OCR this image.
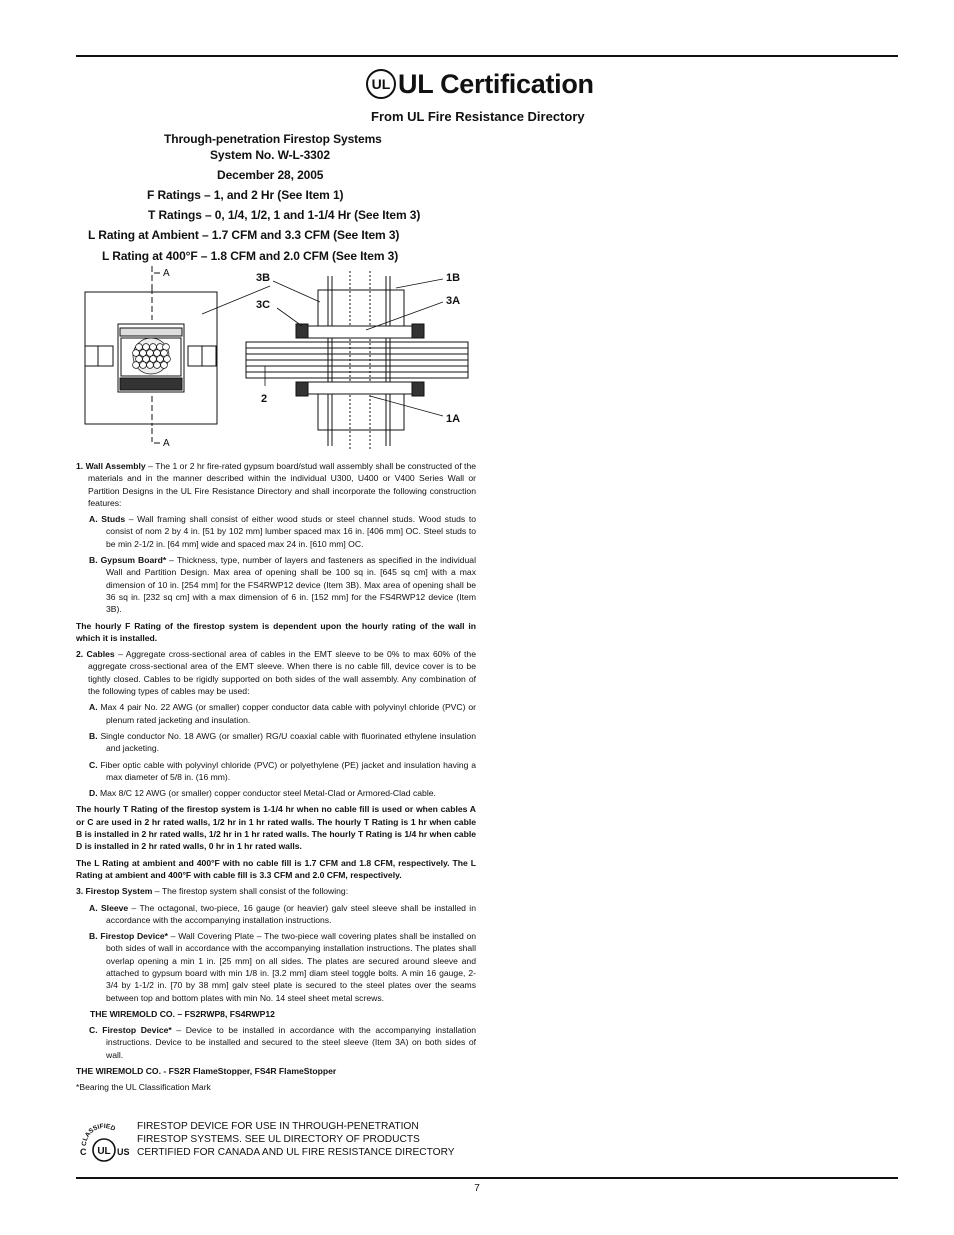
UL UL Certification
From UL Fire Resistance Directory
Through-penetration Firestop Systems
System No. W-L-3302
December 28, 2005
F Ratings – 1, and 2 Hr (See Item 1)
T Ratings – 0, 1/4, 1/2, 1 and 1-1/4 Hr (See Item 3)
L Rating at Ambient – 1.7 CFM and 3.3 CFM (See Item 3)
L Rating at 400°F – 1.8 CFM and 2.0 CFM (See Item 3)
A
A
3B
3C
1B
3A
2
1A

1. Wall Assembly – The 1 or 2 hr fire-rated gypsum board/stud wall assembly shall be constructed of the materials and in the manner described within the individual U300, U400 or V400 Series Wall or Partition Designs in the UL Fire Resistance Directory and shall incorporate the following construction features:

A. Studs – Wall framing shall consist of either wood studs or steel channel studs. Wood studs to consist of nom 2 by 4 in. [51 by 102 mm] lumber spaced max 16 in. [406 mm] OC. Steel studs to be min 2-1/2 in. [64 mm] wide and spaced max 24 in. [610 mm] OC.

B. Gypsum Board* – Thickness, type, number of layers and fasteners as specified in the individual Wall and Partition Design. Max area of opening shall be 100 sq in. [645 sq cm] with a max dimension of 10 in. [254 mm] for the FS4RWP12 device (Item 3B). Max area of opening shall be 36 sq in. [232 sq cm] with a max dimension of 6 in. [152 mm] for the FS4RWP12 device (Item 3B).

The hourly F Rating of the firestop system is dependent upon the hourly rating of the wall in which it is installed.

2. Cables – Aggregate cross-sectional area of cables in the EMT sleeve to be 0% to max 60% of the aggregate cross-sectional area of the EMT sleeve. When there is no cable fill, device cover is to be tightly closed. Cables to be rigidly supported on both sides of the wall assembly. Any combination of the following types of cables may be used:

A. Max 4 pair No. 22 AWG (or smaller) copper conductor data cable with polyvinyl chloride (PVC) or plenum rated jacketing and insulation.

B. Single conductor No. 18 AWG (or smaller) RG/U coaxial cable with fluorinated ethylene insulation and jacketing.

C. Fiber optic cable with polyvinyl chloride (PVC) or polyethylene (PE) jacket and insulation having a max diameter of 5/8 in. (16 mm).

D. Max 8/C 12 AWG (or smaller) copper conductor steel Metal-Clad or Armored-Clad cable.

The hourly T Rating of the firestop system is 1-1/4 hr when no cable fill is used or when cables A or C are used in 2 hr rated walls, 1/2 hr in 1 hr rated walls. The hourly T Rating is 1 hr when cable B is installed in 2 hr rated walls, 1/2 hr in 1 hr rated walls. The hourly T Rating is 1/4 hr when cable D is installed in 2 hr rated walls, 0 hr in 1 hr rated walls.

The L Rating at ambient and 400°F with no cable fill is 1.7 CFM and 1.8 CFM, respectively. The L Rating at ambient and 400°F with cable fill is 3.3 CFM and 2.0 CFM, respectively.

3. Firestop System – The firestop system shall consist of the following:

A. Sleeve – The octagonal, two-piece, 16 gauge (or heavier) galv steel sleeve shall be installed in accordance with the accompanying installation instructions.

B. Firestop Device* – Wall Covering Plate – The two-piece wall covering plates shall be installed on both sides of wall in accordance with the accompanying installation instructions. The plates shall overlap opening a min 1 in. [25 mm] on all sides. The plates are secured around sleeve and attached to gypsum board with min 1/8 in. [3.2 mm] diam steel toggle bolts. A min 16 gauge, 2-3/4 by 1-1/2 in. [70 by 38 mm] galv steel plate is secured to the steel plates over the seams between top and bottom plates with min No. 14 steel sheet metal screws.

THE WIREMOLD CO. – FS2RWP8, FS4RWP12

C. Firestop Device* – Device to be installed in accordance with the accompanying installation instructions. Device to be installed and secured to the steel sleeve (Item 3A) on both sides of wall.

THE WIREMOLD CO. - FS2R FlameStopper, FS4R FlameStopper

*Bearing the UL Classification Mark

CLASSIFIED
UL
C	US
FIRESTOP DEVICE FOR USE IN THROUGH-PENETRATION
FIRESTOP SYSTEMS. SEE UL DIRECTORY OF PRODUCTS
CERTIFIED FOR CANADA AND UL FIRE RESISTANCE DIRECTORY
7
